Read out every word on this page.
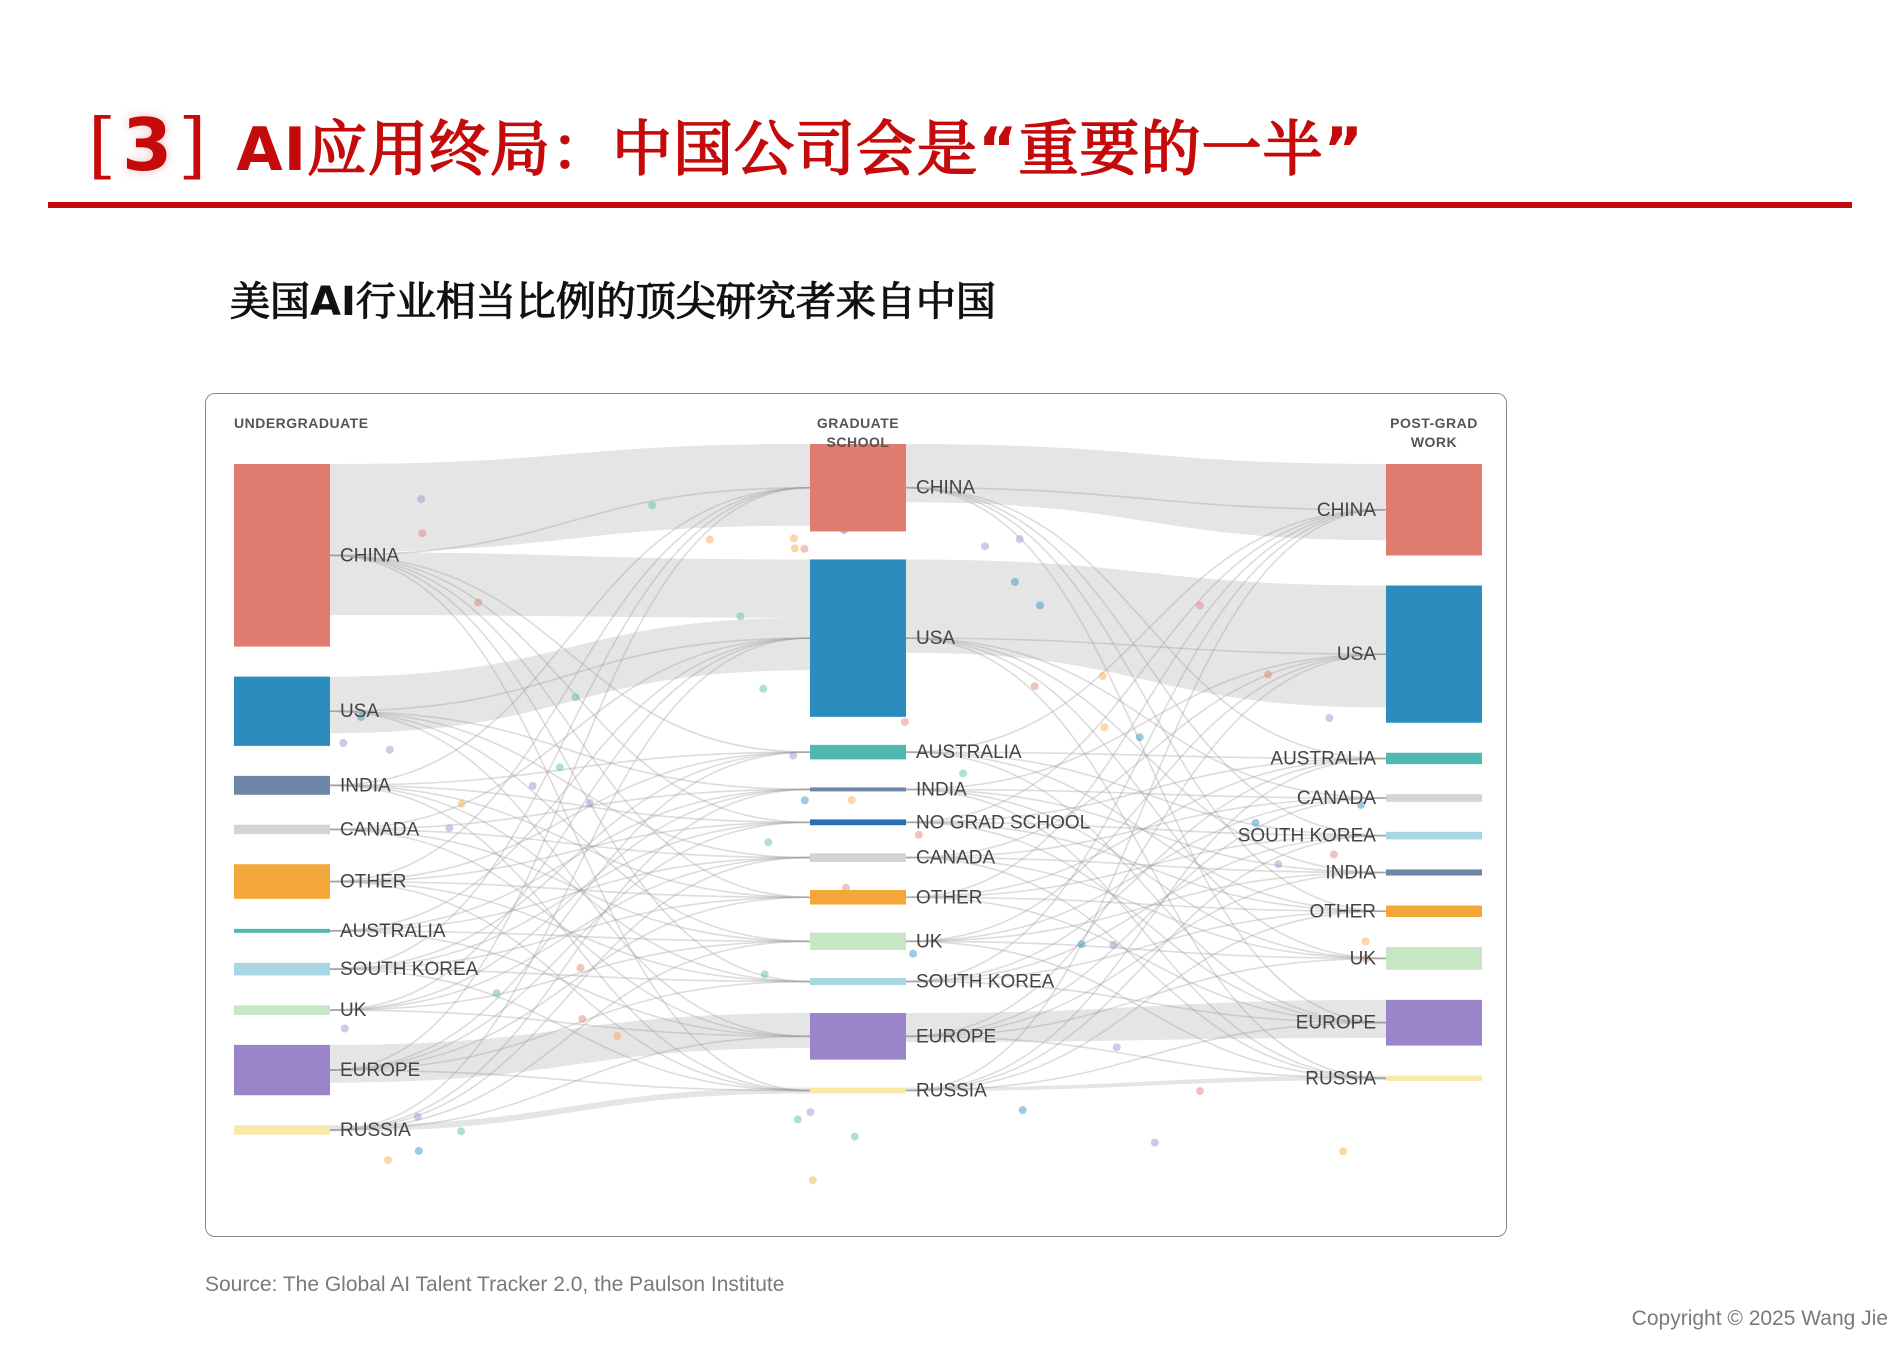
[ 3 ] AI应用终局：中国公司会是“重要的一半”
美国AI行业相当比例的顶尖研究者来自中国
CHINA
USA
INDIA
CANADA
OTHER
AUSTRALIA
SOUTH KOREA
UK
EUROPE
RUSSIA
CHINA
USA
AUSTRALIA
INDIA
NO GRAD SCHOOL
CANADA
OTHER
UK
SOUTH KOREA
EUROPE
RUSSIA
CHINA
USA
AUSTRALIA
CANADA
SOUTH KOREA
INDIA
OTHER
UK
EUROPE
RUSSIA
UNDERGRADUATE	GRADUATE
SCHOOL
POST-GRAD
WORK
Source: The Global AI Talent Tracker 2.0, the Paulson Institute
Copyright © 2025 Wang Jie
